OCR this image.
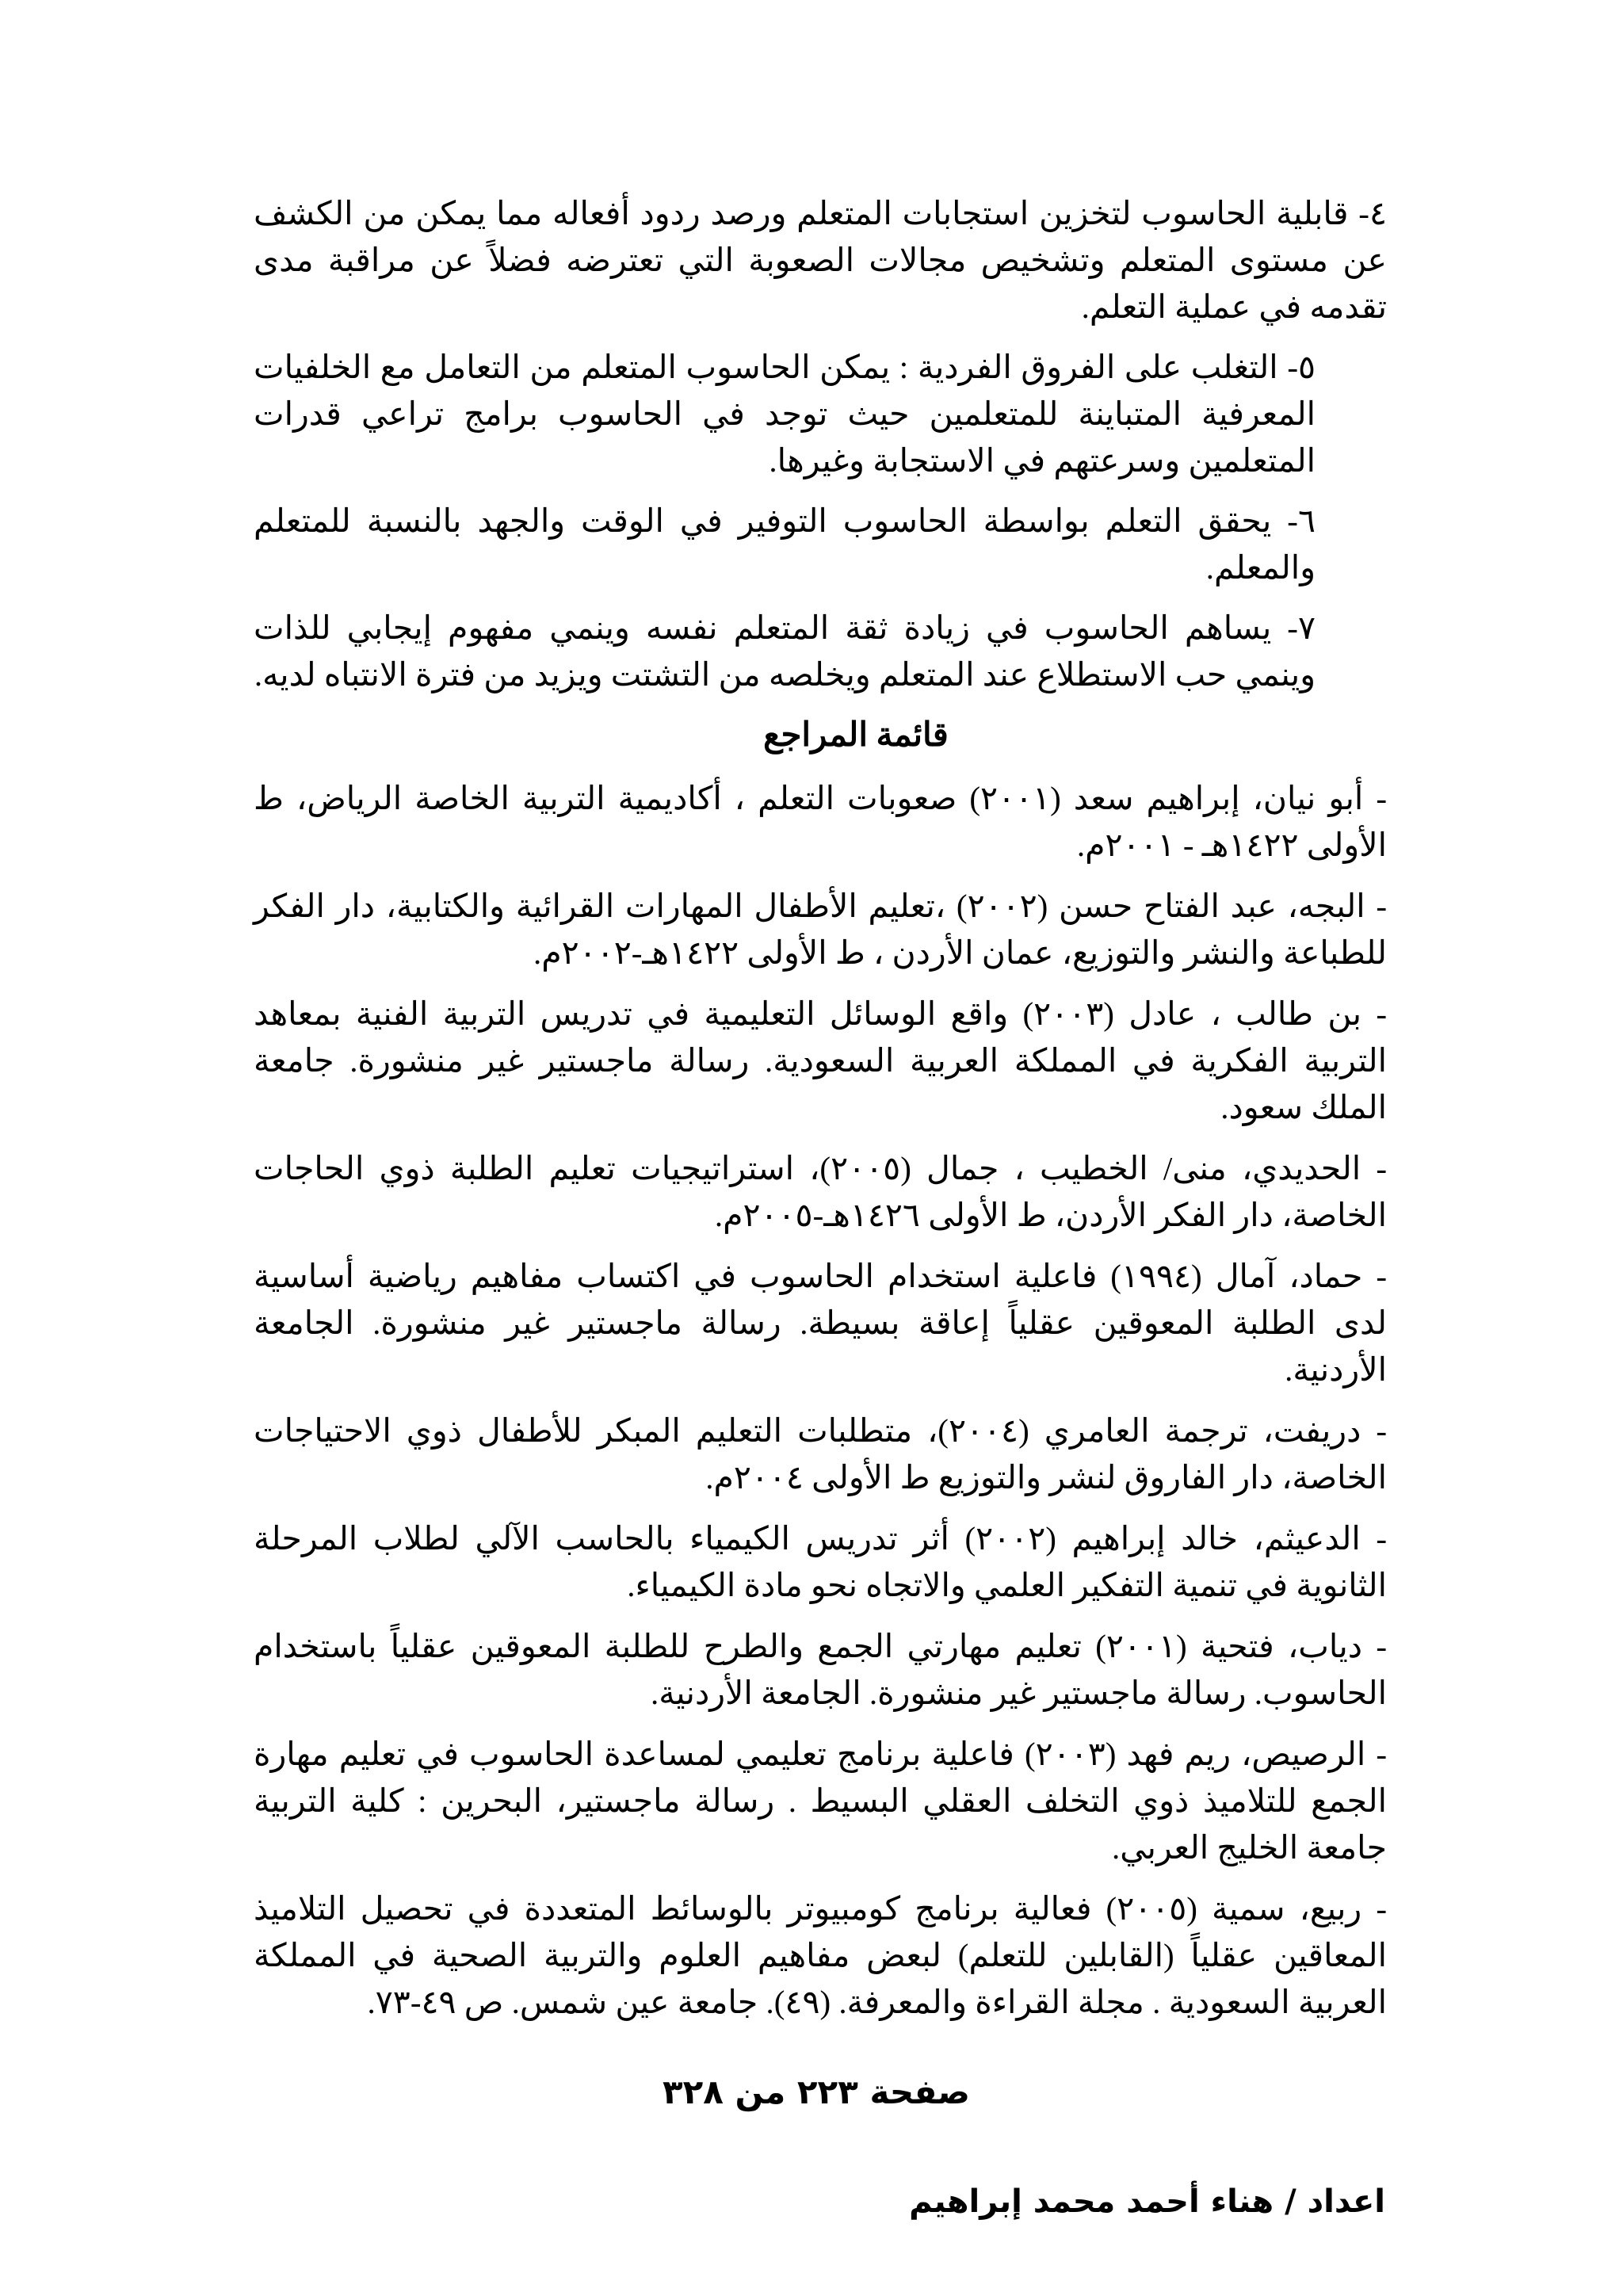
٤- قابلية الحاسوب لتخزين استجابات المتعلم ورصد ردود أفعاله مما يمكن من الكشف عن مستوى المتعلم وتشخيص مجالات الصعوبة التي تعترضه فضلاً عن مراقبة مدى تقدمه في عملية التعلم.

٥- التغلب على الفروق الفردية : يمكن الحاسوب المتعلم من التعامل مع الخلفيات المعرفية المتباينة للمتعلمين حيث توجد في الحاسوب برامج تراعي قدرات المتعلمين وسرعتهم في الاستجابة وغيرها.

٦- يحقق التعلم بواسطة الحاسوب التوفير في الوقت والجهد بالنسبة للمتعلم والمعلم.

٧- يساهم الحاسوب في زيادة ثقة المتعلم نفسه وينمي مفهوم إيجابي للذات وينمي حب الاستطلاع عند المتعلم ويخلصه من التشتت ويزيد من فترة الانتباه لديه.

قائمة المراجع

- أبو نيان، إبراهيم سعد (٢٠٠١) صعوبات التعلم ، أكاديمية التربية الخاصة الرياض، ط الأولى ١٤٢٢هـ - ٢٠٠١م.

- البجه، عبد الفتاح حسن (٢٠٠٢) ،تعليم الأطفال المهارات القرائية والكتابية، دار الفكر للطباعة والنشر والتوزيع، عمان الأردن ، ط الأولى ١٤٢٢هـ-٢٠٠٢م.

- بن طالب ، عادل (٢٠٠٣) واقع الوسائل التعليمية في تدريس التربية الفنية بمعاهد التربية الفكرية في المملكة العربية السعودية. رسالة ماجستير غير منشورة. جامعة الملك سعود.

- الحديدي، منى/ الخطيب ، جمال (٢٠٠٥)، استراتيجيات تعليم الطلبة ذوي الحاجات الخاصة، دار الفكر الأردن، ط الأولى ١٤٢٦هـ-٢٠٠٥م.

- حماد، آمال (١٩٩٤) فاعلية استخدام الحاسوب في اكتساب مفاهيم رياضية أساسية لدى الطلبة المعوقين عقلياً إعاقة بسيطة. رسالة ماجستير غير منشورة. الجامعة الأردنية.

- دريفت، ترجمة العامري (٢٠٠٤)، متطلبات التعليم المبكر للأطفال ذوي الاحتياجات الخاصة، دار الفاروق لنشر والتوزيع ط الأولى ٢٠٠٤م.

- الدعيثم، خالد إبراهيم (٢٠٠٢) أثر تدريس الكيمياء بالحاسب الآلي لطلاب المرحلة الثانوية في تنمية التفكير العلمي والاتجاه نحو مادة الكيمياء.

- دياب، فتحية (٢٠٠١) تعليم مهارتي الجمع والطرح للطلبة المعوقين عقلياً باستخدام الحاسوب. رسالة ماجستير غير منشورة. الجامعة الأردنية.

- الرصيص، ريم فهد (٢٠٠٣) فاعلية برنامج تعليمي لمساعدة الحاسوب في تعليم مهارة الجمع للتلاميذ ذوي التخلف العقلي البسيط . رسالة ماجستير، البحرين : كلية التربية جامعة الخليج العربي.

- ربيع، سمية (٢٠٠٥) فعالية برنامج كومبيوتر بالوسائط المتعددة في تحصيل التلاميذ المعاقين عقلياً (القابلين للتعلم) لبعض مفاهيم العلوم والتربية الصحية في المملكة العربية السعودية . مجلة القراءة والمعرفة. (٤٩). جامعة عين شمس. ص ٤٩-٧٣.

صفحة ٢٢٣ من ٣٢٨
اعداد / هناء أحمد محمد إبراهيم
